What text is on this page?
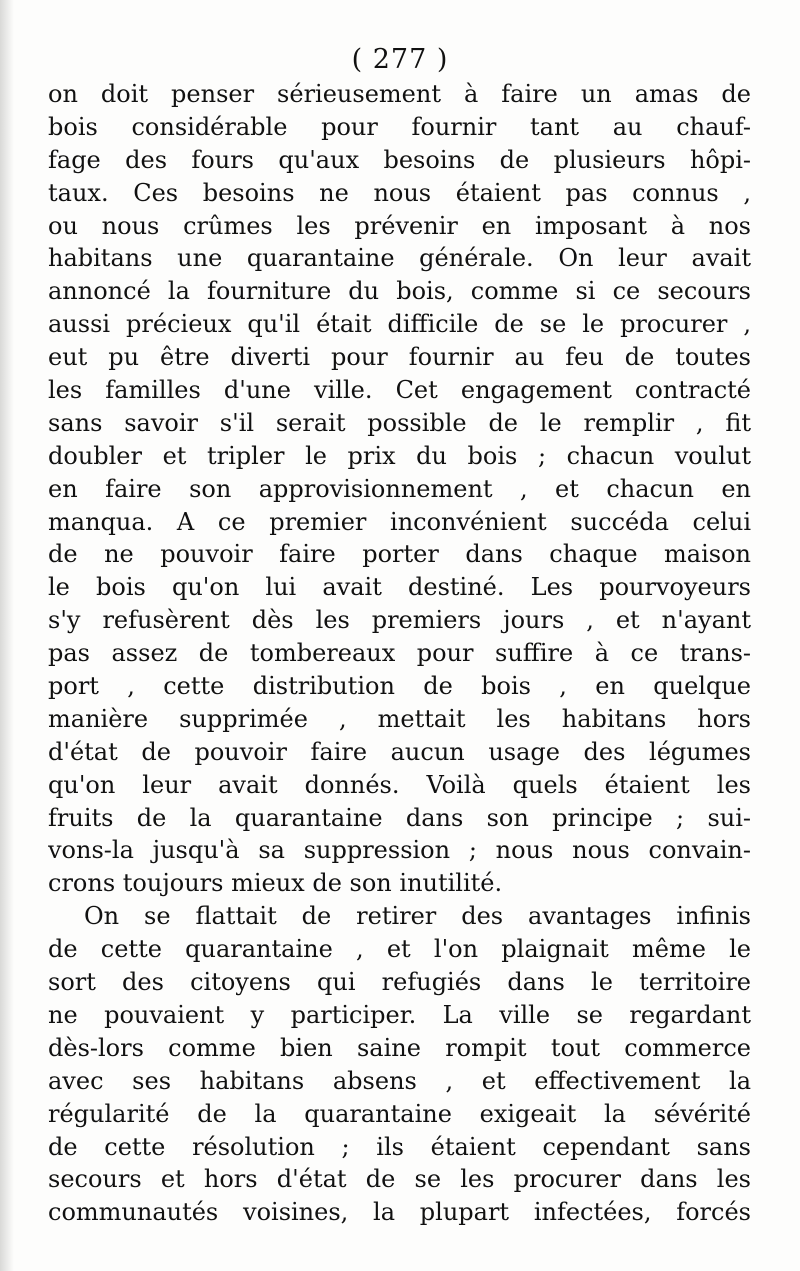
( 277 )
on doit penser sérieusement à faire un amas de
bois considérable pour fournir tant au chauf-
fage des fours qu'aux besoins de plusieurs hôpi-
taux. Ces besoins ne nous étaient pas connus ,
ou nous crûmes les prévenir en imposant à nos
habitans une quarantaine générale. On leur avait
annoncé la fourniture du bois, comme si ce secours
aussi précieux qu'il était difficile de se le procurer ,
eut pu être diverti pour fournir au feu de toutes
les familles d'une ville. Cet engagement contracté
sans savoir s'il serait possible de le remplir , fit
doubler et tripler le prix du bois ; chacun voulut
en faire son approvisionnement , et chacun en
manqua. A ce premier inconvénient succéda celui
de ne pouvoir faire porter dans chaque maison
le bois qu'on lui avait destiné. Les pourvoyeurs
s'y refusèrent dès les premiers jours , et n'ayant
pas assez de tombereaux pour suffire à ce trans-
port , cette distribution de bois , en quelque
manière supprimée , mettait les habitans hors
d'état de pouvoir faire aucun usage des légumes
qu'on leur avait donnés. Voilà quels étaient les
fruits de la quarantaine dans son principe ; sui-
vons-la jusqu'à sa suppression ; nous nous convain-
crons toujours mieux de son inutilité.
On se flattait de retirer des avantages infinis
de cette quarantaine , et l'on plaignait même le
sort des citoyens qui refugiés dans le territoire
ne pouvaient y participer. La ville se regardant
dès-lors comme bien saine rompit tout commerce
avec ses habitans absens , et effectivement la
régularité de la quarantaine exigeait la sévérité
de cette résolution ; ils étaient cependant sans
secours et hors d'état de se les procurer dans les
communautés voisines, la plupart infectées, forcés
